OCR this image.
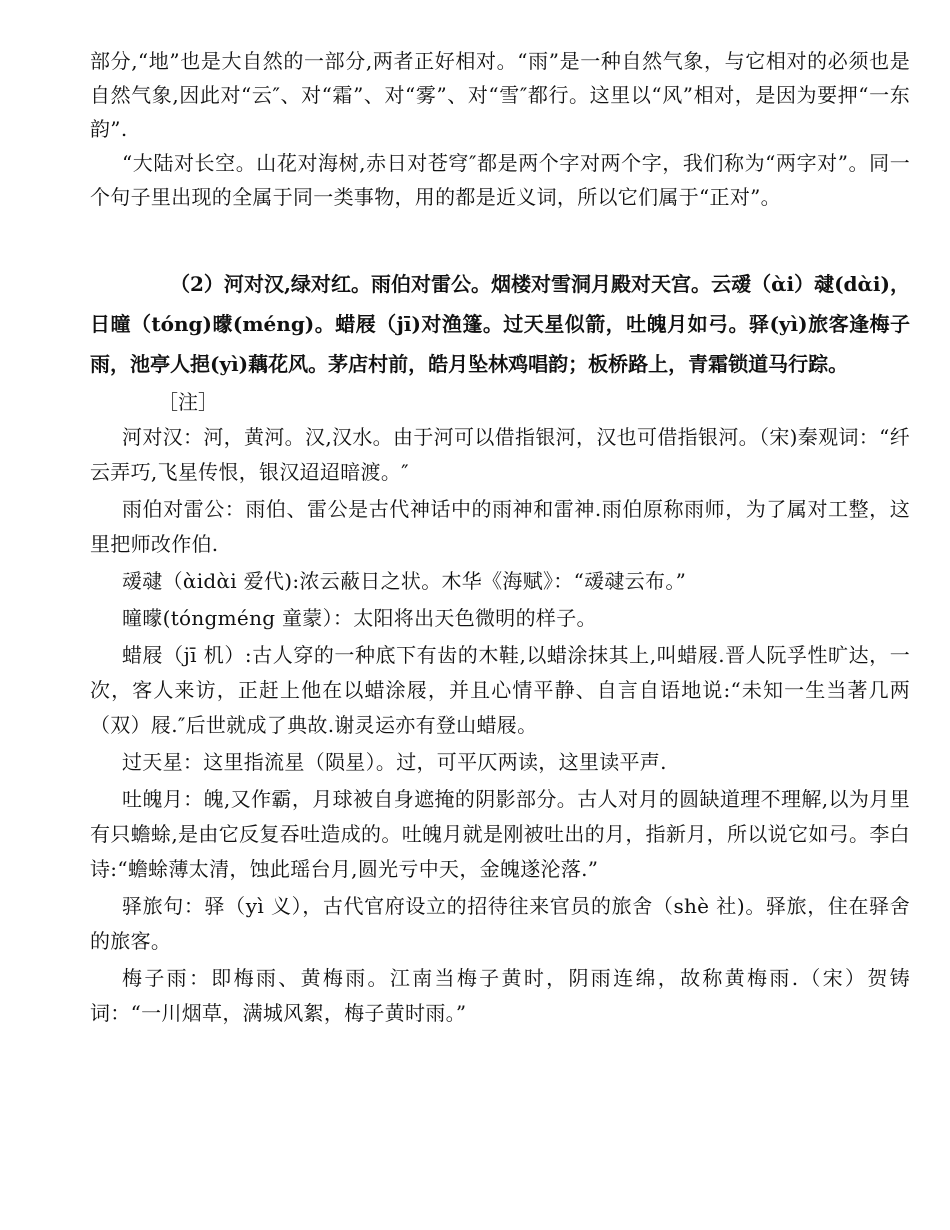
部分,“地”也是大自然的一部分,两者正好相对。“雨”是一种自然气象，与它相对的必须也是自然气象,因此对“云″、对“霜”、对“雾”、对“雪″都行。这里以“风”相对，是因为要押“一东韵”.

“大陆对长空。山花对海树,赤日对苍穹″都是两个字对两个字，我们称为“两字对”。同一个句子里出现的全属于同一类事物，用的都是近义词，所以它们属于“正对”。

（2）河对汉,绿对红。雨伯对雷公。烟楼对雪洞月殿对天宫。云叆（ὰi）叇(dὰi)，日曈（tóng)曚(méng)。蜡屐（jī)对渔篷。过天星似箭，吐魄月如弓。驿(yì)旅客逢梅子雨，池亭人挹(yì)藕花风。茅店村前，皓月坠林鸡唱韵；板桥路上，青霜锁道马行踪。

［注］

河对汉：河，黄河。汉,汉水。由于河可以借指银河，汉也可借指银河。（宋)秦观词：“纤云弄巧,飞星传恨，银汉迢迢暗渡。″

雨伯对雷公：雨伯、雷公是古代神话中的雨神和雷神.雨伯原称雨师，为了属对工整，这里把师改作伯.

叆叇（ὰidὰi 爱代):浓云蔽日之状。木华《海赋》：“叆叇云布。”

曈曚(tóngméng 童蒙）：太阳将出天色微明的样子。

蜡屐（jī 机）:古人穿的一种底下有齿的木鞋,以蜡涂抹其上,叫蜡屐.晋人阮孚性旷达，一次，客人来访，正赶上他在以蜡涂屐，并且心情平静、自言自语地说:“未知一生当著几两（双）屐.″后世就成了典故.谢灵运亦有登山蜡屐。

过天星：这里指流星（陨星）。过，可平仄两读，这里读平声.

吐魄月：魄,又作霸，月球被自身遮掩的阴影部分。古人对月的圆缺道理不理解,以为月里有只蟾蜍,是由它反复吞吐造成的。吐魄月就是刚被吐出的月，指新月，所以说它如弓。李白诗:“蟾蜍薄太清，蚀此瑶台月,圆光亏中天，金魄遂沦落.”

驿旅句：驿（yì 义），古代官府设立的招待往来官员的旅舍（shè 社)。驿旅，住在驿舍的旅客。

梅子雨：即梅雨、黄梅雨。江南当梅子黄时，阴雨连绵，故称黄梅雨.（宋）贺铸词：“一川烟草，满城风絮，梅子黄时雨。”
